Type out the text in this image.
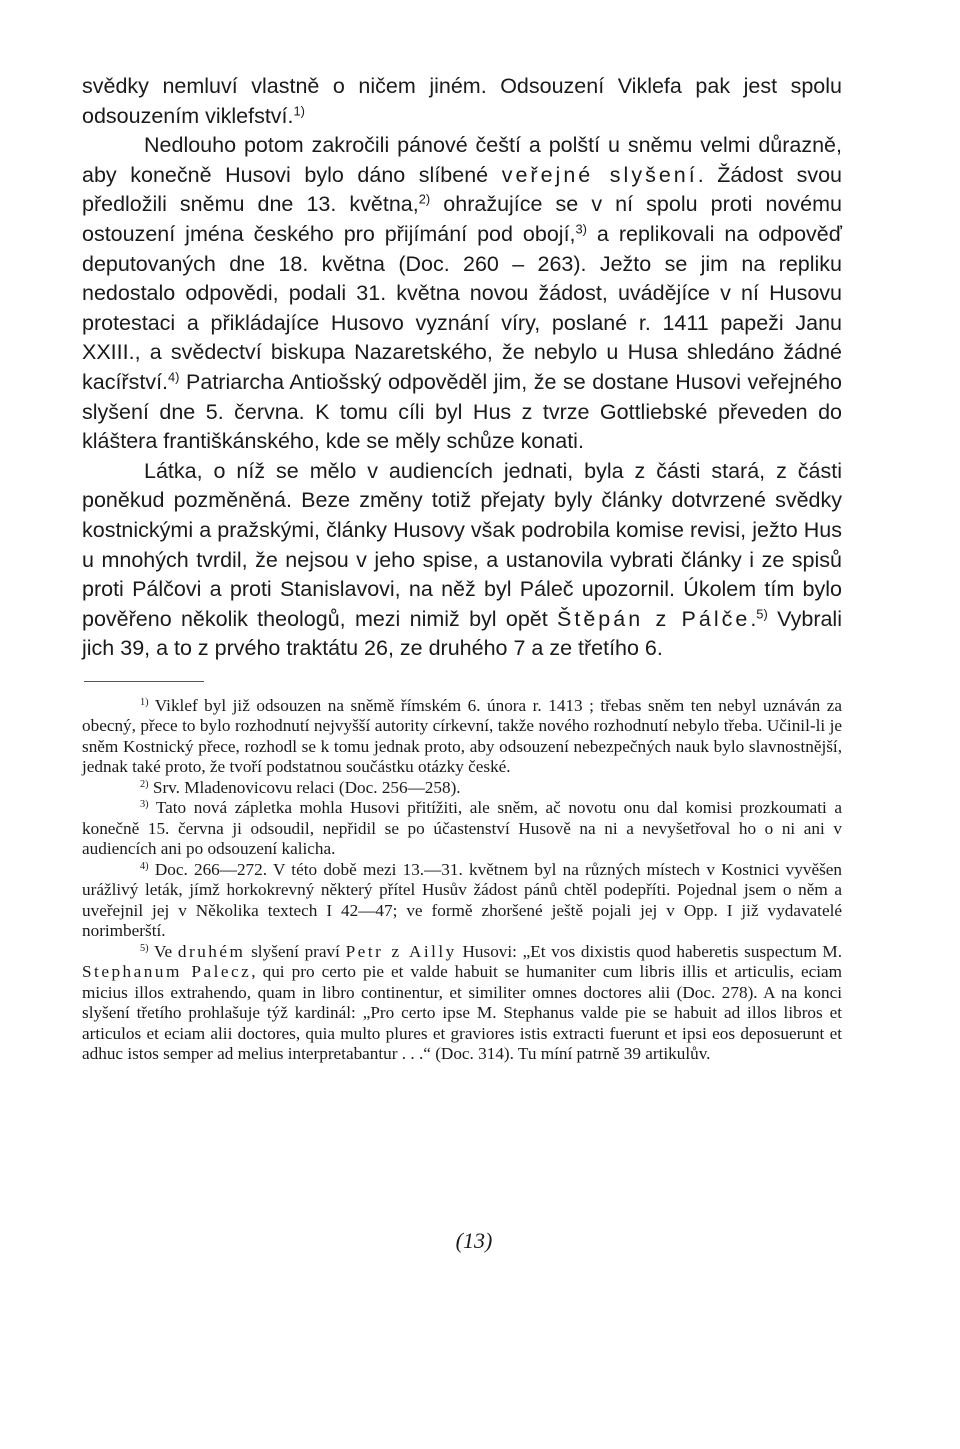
svědky nemluví vlastně o ničem jiném. Odsouzení Viklefa pak jest spolu odsouzením viklefství.$^{1)}$

Nedlouho potom zakročili pánové čeští a polští u sněmu velmi důrazně, aby konečně Husovi bylo dáno slíbené veřejné slyšení. Žádost svou předložili sněmu dne 13. května,$^{2)}$ ohražujíce se v ní spolu proti novému ostouzení jména českého pro přijímání pod obojí,$^{3)}$ a replikovali na odpověď deputovaných dne 18. května (Doc. 260 – 263). Ježto se jim na repliku nedostalo odpovědi, podali 31. května novou žádost, uvádějíce v ní Husovu protestaci a přikládajíce Husovo vyznání víry, poslané r. 1411 papeži Janu XXIII., a svědectví biskupa Nazaretského, že nebylo u Husa shledáno žádné kacířství.$^{4)}$ Patriarcha Antiošský odpověděl jim, že se dostane Husovi veřejného slyšení dne 5. června. K tomu cíli byl Hus z tvrze Gottliebské převeden do kláštera františkánského, kde se měly schůze konati.

Látka, o níž se mělo v audiencích jednati, byla z části stará, z části poněkud pozměněná. Beze změny totiž přejaty byly články dotvrzené svědky kostnickými a pražskými, články Husovy však podrobila komise revisi, ježto Hus u mnohých tvrdil, že nejsou v jeho spise, a ustanovila vybrati články i ze spisů proti Pálčovi a proti Stanislavovi, na něž byl Páleč upozornil. Úkolem tím bylo pověřeno několik theologů, mezi nimiž byl opět Štěpán z Pálče.$^{5)}$ Vybrali jich 39, a to z prvého traktátu 26, ze druhého 7 a ze třetího 6.

$^{1)}$ Viklef byl již odsouzen na sněmě římském 6. února r. 1413 ; třebas sněm ten nebyl uznáván za obecný, přece to bylo rozhodnutí nejvyšší autority církevní, takže nového rozhodnutí nebylo třeba. Učinil-li je sněm Kostnický přece, rozhodl se k tomu jednak proto, aby odsouzení nebezpečných nauk bylo slavnostnější, jednak také proto, že tvoří podstatnou součástku otázky české.

$^{2)}$ Srv. Mladenovicovu relaci (Doc. 256—258).

$^{3)}$ Tato nová zápletka mohla Husovi přitížiti, ale sněm, ač novotu onu dal komisi prozkoumati a konečně 15. června ji odsoudil, nepřidil se po účastenství Husově na ni a nevyšetřoval ho o ni ani v audiencích ani po odsouzení kalicha.

$^{4)}$ Doc. 266—272. V této době mezi 13.—31. květnem byl na různých místech v Kostnici vyvěšen urážlivý leták, jímž horkokrevný některý přítel Husův žádost pánů chtěl podepříti. Pojednal jsem o něm a uveřejnil jej v Několika textech I 42—47; ve formě zhoršené ještě pojali jej v Opp. I již vydavatelé norimberští.

$^{5)}$ Ve druhém slyšení praví Petr z Ailly Husovi: „Et vos dixistis quod haberetis suspectum M. Stephanum Palecz, qui pro certo pie et valde habuit se humaniter cum libris illis et articulis, eciam micius illos extrahendo, quam in libro continentur, et similiter omnes doctores alii (Doc. 278). A na konci slyšení třetího prohlašuje týž kardinál: „Pro certo ipse M. Stephanus valde pie se habuit ad illos libros et articulos et eciam alii doctores, quia multo plures et graviores istis extracti fuerunt et ipsi eos deposuerunt et adhuc istos semper ad melius interpretabantur . . .“ (Doc. 314). Tu míní patrně 39 artikulův.

(13)
